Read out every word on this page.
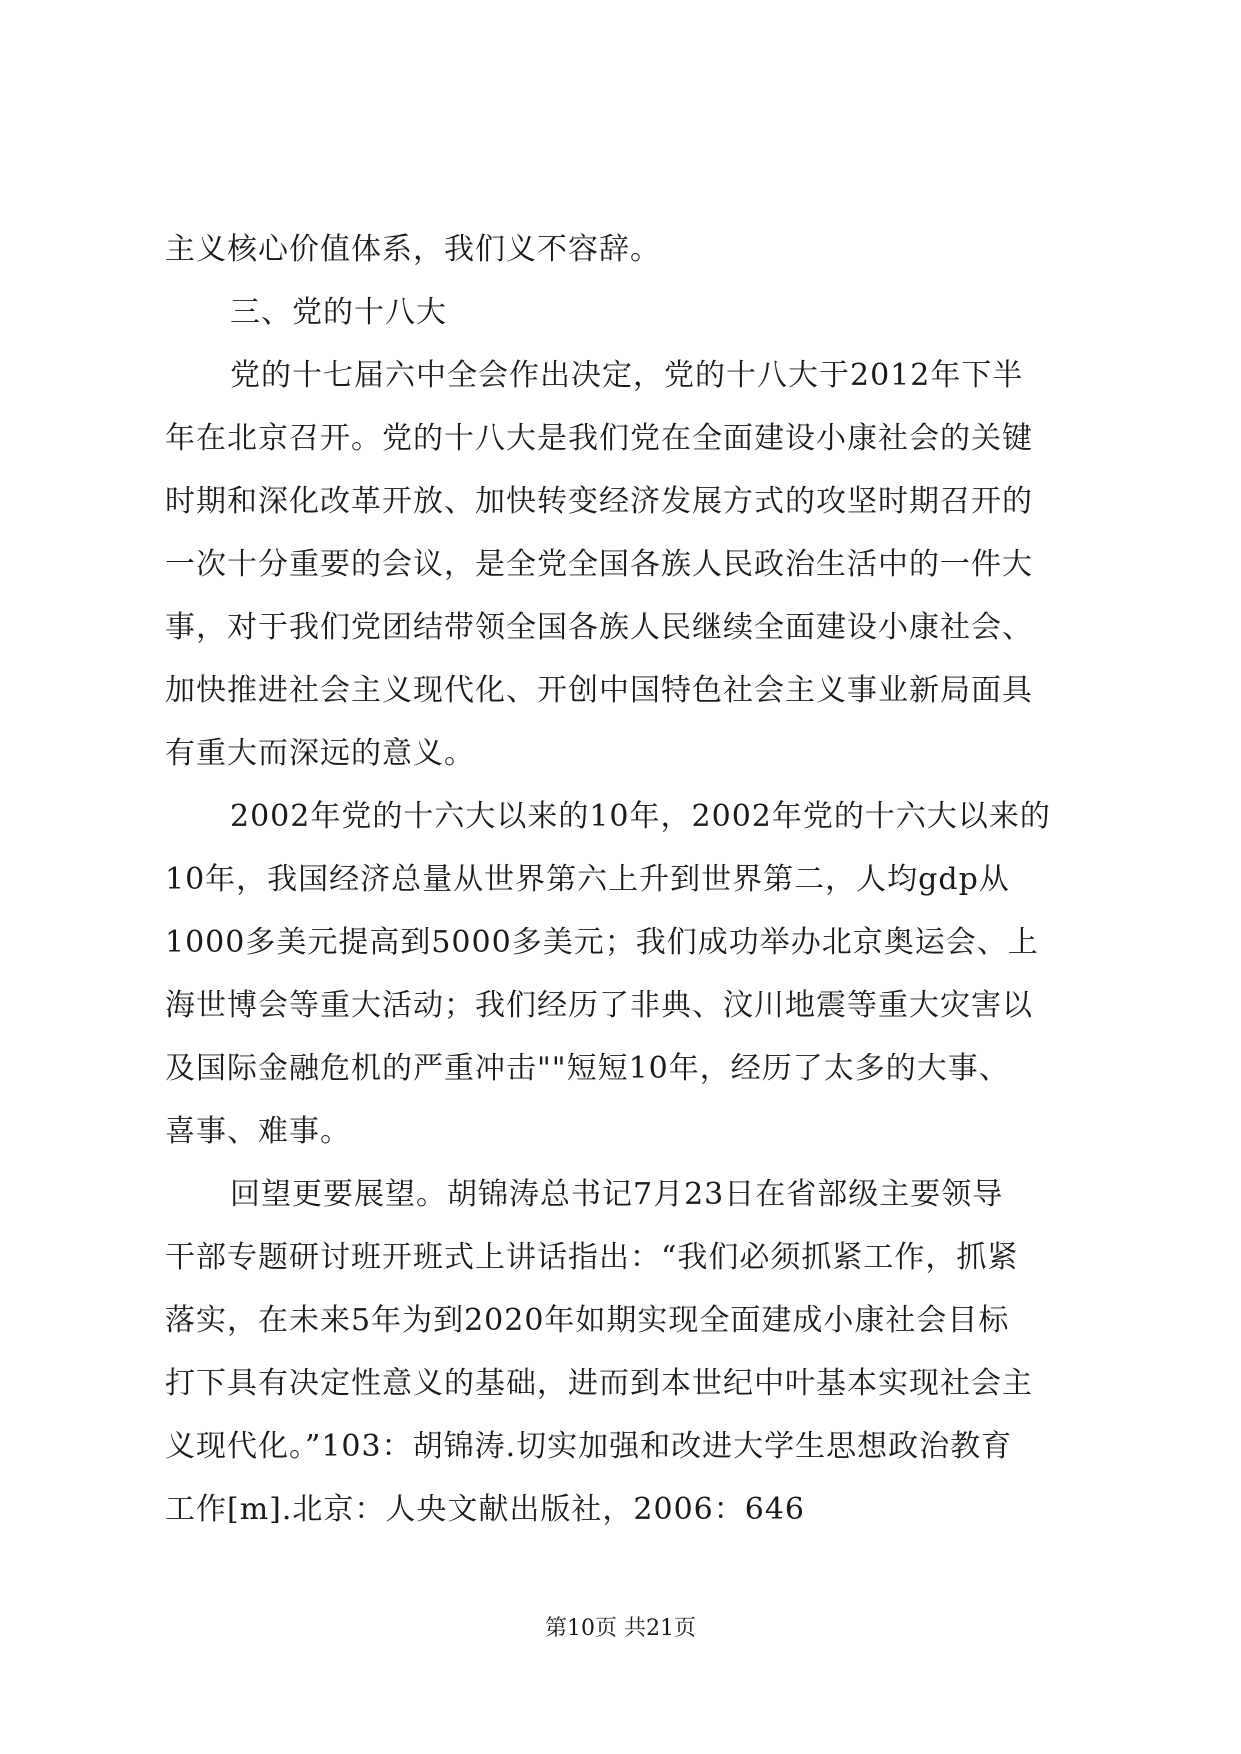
主义核心价值体系，我们义不容辞。
三、党的十八大
党的十七届六中全会作出决定，党的十八大于2012年下半
年在北京召开。党的十八大是我们党在全面建设小康社会的关键
时期和深化改革开放、加快转变经济发展方式的攻坚时期召开的
一次十分重要的会议，是全党全国各族人民政治生活中的一件大
事，对于我们党团结带领全国各族人民继续全面建设小康社会、
加快推进社会主义现代化、开创中国特色社会主义事业新局面具
有重大而深远的意义。
2002年党的十六大以来的10年，2002年党的十六大以来的
10年，我国经济总量从世界第六上升到世界第二，人均gdp从
1000多美元提高到5000多美元；我们成功举办北京奥运会、上
海世博会等重大活动；我们经历了非典、汶川地震等重大灾害以
及国际金融危机的严重冲击""短短10年，经历了太多的大事、
喜事、难事。
回望更要展望。胡锦涛总书记7月23日在省部级主要领导
干部专题研讨班开班式上讲话指出：“我们必须抓紧工作，抓紧
落实，在未来5年为到2020年如期实现全面建成小康社会目标
打下具有决定性意义的基础，进而到本世纪中叶基本实现社会主
义现代化。”103：胡锦涛.切实加强和改进大学生思想政治教育
工作[m].北京：人央文献出版社，2006：646
第10页 共21页
